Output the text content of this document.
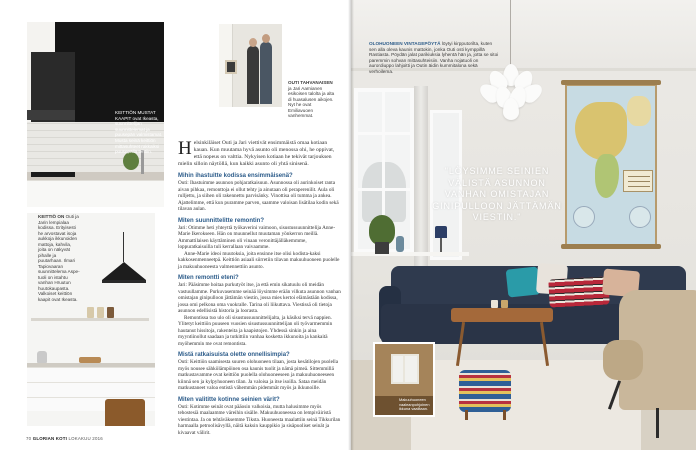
KEITTIÖN MUSTAT KAAPIT ovat Ikeasta, suunnittelijan suunnittelemat ja puusepän valmistamat. Musta seinä keittiön mittasuhteet rakkaiksi puusepällä tehtiin.
OUTI TAHVANAISEN ja Jari Aarnianen esikoisen talolta ja alta di huasalusen aikojen. Nyt he ovat Emiliavuoen vanhemmat.
KEITTIÖ ON Outi ja Jarin lempialaa kodissa. Erityisesti he arvostavat isoja aukkoja ikkunoiden mattoja, kahvila, joita on näkyvät pihalle ja puutarhaan. Ilmari Tapiovaaran suunnittelema Aspe-tuoli on istahtu vanhan Hruutun huutokaupasta. Valkoiset keittiön kaapit ovat Ikeasta.

Helsinkiläiset Outi ja Jari viettivät ensimmäistä omaa kotiaan kauan. Kun muutama hyvä asunto oli menossa ohi, he oppivat, että nopeus on valttia. Nykyisen kotiaan he tekivät tarjouksen mielin silloin näytöllä, kun kaikki asunto oli yhtä sinisenä.

Mihin ihastuitte kodissa ensimmäisenä?

Outi: Ihastuimme asunnon pohjaratkaisuun. Asunnossa oli aurinkoiset ranta aivan pihkaa, remonttoja ei ollut tehty ja ainutaan oli peraperenilit. Aula oli rulljettu, ja siihen oli rakennettu parvisänky. Vinottisa oli tumma ja ankea. Ajattelimme, että kun puramme parven, saamme valoisan lisätilaa kodin sekä tilavan aulan.

Miten suunnittelitte remontin?

Jari: Otimme heti yhteyttä työkaverini vaimoon, sisustussuunnittelija Anne-Marie Ikerokseen. Hän on muunnellut muutaman yönkerron meillä. Ammattilaisen käyttäminen oli vinaan veronittäjälläkemmme, loppuratkaisuilla tuli kerrallaan vaivaamme.

Anne-Marie ideoi muutoksia, joita ensinne itse olisi kodista-kaksi kakkosenmenneetpä. Keittiön asiaali siirretiin tilavan makuuhuoneen puolelle ja makuuhuoneesta valmennettiin asunto.

Miten remontti eteni?

Jari: Pääsimme hoitaa purkutyöt itse, ja että emin sikatuulu oli meidän vastuullamme. Purkuvasemme seinää löysimme erään vilkuta asunnon vanhan omistajan ginipulloon jättämän viestin, jossa mies kertoi elämästään kodissa, jossa omi pelkona oma vuokralle. Tarina oli liikuttava. Viestissä oli tietoja asunnon edellisistä historia ja loorasta.

Remontissa tuo ulo oli sisustussuunnittelijalta, ja käsiksi tervä nappien. Ylitetyt keittiön puuseen vuosien sisustussuunnittelijan oli työvarmemmin hautanut hissitoja, rakenteita ja kaapistojen. Yhdessä sinkin ja aina myyntiinollut saadaan ja tutkittiin vanhaa kosketta ikkunoita ja kankaitä myöhemmin me ovat remontista.

Mistä ratkaisuista olette onnellisimpia?

Outi: Keittiön saamisesta suuren olohuoneen tilaan, josta kesätilojen puolella myös nousee sähkölämpöinen osa kaunis tuolit ja nämä pimeä. Sittemmillä matkustavamme ovat keittiön puolella olohuoneeseen ja makuuhuoneeseen kiinnä sen ja kylpyhuoneen tilan. Ja valoisa ja itse isoilla. Sataa meidän matkustaneet valoa entistä vähemmän pidemmät myös ja ikkunoille.

Miten valititte kotinne seinien värit?

Outi: Kotimme seinät ovat pääosin valkoisia, mutta halusimme myös tehostesiä maalaamme väreihin sisälle. Makuuhuoneessa on lempiväiristä viestintaa. Ja on tehtäväksemme Tiksta. Huoneesta maalattiin seinä Tikkurilan harmaalla petroolisävyllä, näitä kaksin kauppikio ja sisäpuoliset seinät ja kivaavat välirit.

70 GLORIAN KOTI LOKAKUU 2016
"LÖYSIMME SEINIEN VÄLISTÄ ASUNNON VANHAN OMISTAJAN GINIPULLOON JÄTTÄMÄN VIESTIN."
Makuuhuoneen vaaleanpohjoinen ikkuna vaalitaan.
OLOHUONEEN VINTAGEPÖYTÄ löytyi kirpputorilta, kuten sen alla oleva kaunis mattokin, jonka Outi osti kymppillä Rastiasta. Pöydän jalat parikiuksia lyhentä hän ja, jotta se sitoi paremmin sohvan mittasuhteisiin. Vanha nojatuoli on aurordiuppo lahjoitti ja Outin äidin kummitalona sekä verhoilema.
